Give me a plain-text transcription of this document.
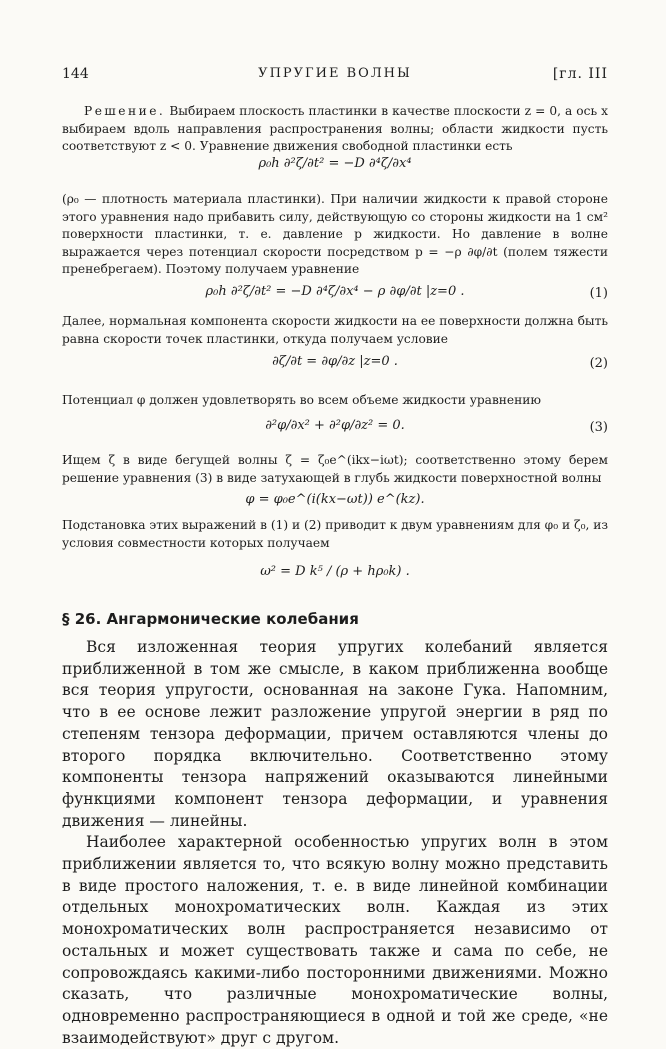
144	УПРУГИЕ ВОЛНЫ	[гл. III

Решение. Выбираем плоскость пластинки в качестве плоскости z = 0, а ось x выбираем вдоль направления распространения волны; области жидкости пусть соответствуют z < 0. Уравнение движения свободной пластинки есть

ρ₀h ∂²ζ/∂t² = −D ∂⁴ζ/∂x⁴

(ρ₀ — плотность материала пластинки). При наличии жидкости к правой стороне этого уравнения надо прибавить силу, действующую со стороны жидкости на 1 см² поверхности пластинки, т. е. давление p жидкости. Но давление в волне выражается через потенциал скорости посредством p = −ρ ∂φ/∂t (полем тяжести пренебрегаем). Поэтому получаем уравнение

ρ₀h ∂²ζ/∂t² = −D ∂⁴ζ/∂x⁴ − ρ ∂φ/∂t |z=0 .	(1)

Далее, нормальная компонента скорости жидкости на ее поверхности должна быть равна скорости точек пластинки, откуда получаем условие

∂ζ/∂t = ∂φ/∂z |z=0 .	(2)

Потенциал φ должен удовлетворять во всем объеме жидкости уравнению

∂²φ/∂x² + ∂²φ/∂z² = 0.	(3)

Ищем ζ в виде бегущей волны ζ = ζ₀e^(ikx−iωt); соответственно этому берем решение уравнения (3) в виде затухающей в глубь жидкости поверхностной волны

φ = φ₀e^(i(kx−ωt)) e^(kz).

Подстановка этих выражений в (1) и (2) приводит к двум уравнениям для φ₀ и ζ₀, из условия совместности которых получаем

ω² = D k⁵ / (ρ + hρ₀k) .
§ 26. Ангармонические колебания

Вся изложенная теория упругих колебаний является приближенной в том же смысле, в каком приближенна вообще вся теория упругости, основанная на законе Гука. Напомним, что в ее основе лежит разложение упругой энергии в ряд по степеням тензора деформации, причем оставляются члены до второго порядка включительно. Соответственно этому компоненты тензора напряжений оказываются линейными функциями компонент тензора деформации, и уравнения движения — линейны.

Наиболее характерной особенностью упругих волн в этом приближении является то, что всякую волну можно представить в виде простого наложения, т. е. в виде линейной комбинации отдельных монохроматических волн. Каждая из этих монохроматических волн распространяется независимо от остальных и может существовать также и сама по себе, не сопровождаясь какими-либо посторонними движениями. Можно сказать, что различные монохроматические волны, одновременно распространяющиеся в одной и той же среде, «не взаимодействуют» друг с другом.
